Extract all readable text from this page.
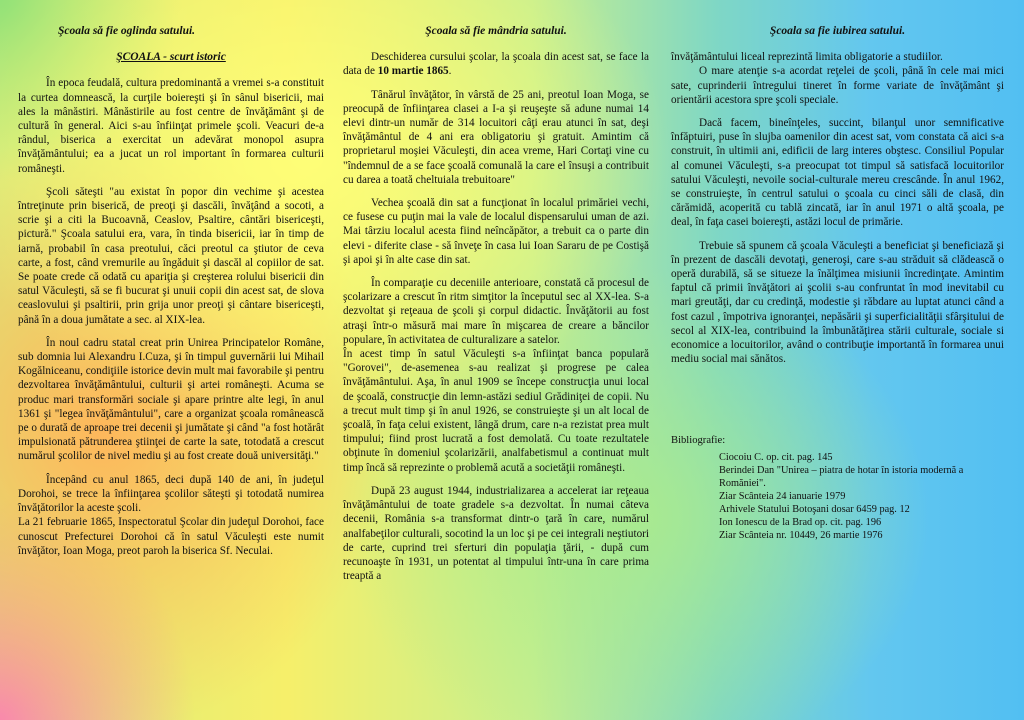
Şcoala să fie oglinda satului.
ŞCOALA - scurt istoric

În epoca feudală, cultura predominantă a vremei s-a constituit la curtea domnească, la curţile boiereşti şi în sânul bisericii, mai ales la mânăstiri. Mânăstirile au fost centre de învăţământ şi de cultură în general. Aici s-au înfiinţat primele şcoli. Veacuri de-a rândul, biserica a exercitat un adevărat monopol asupra învăţământului; ea a jucat un rol important în formarea culturii româneşti.

Şcoli săteşti "au existat în popor din vechime şi acestea întreţinute prin biserică, de preoţi şi dascăli, învăţând a socoti, a scrie şi a citi la Bucoavnă, Ceaslov, Psaltire, cântări bisericeşti, pictură." Şcoala satului era, vara, în tinda bisericii, iar în timp de iarnă, probabil în casa preotului, căci preotul ca ştiutor de ceva carte, a fost, când vremurile au îngăduit şi dascăl al copiilor de sat. Se poate crede că odată cu apariţia şi creşterea rolului bisericii din satul Văculeşti, să se fi bucurat şi unuii copii din acest sat, de slova ceaslovului şi psaltirii, prin grija unor preoţi şi cântare bisericeşti, până în a doua jumătate a sec. al XIX-lea.

În noul cadru statal creat prin Unirea Principatelor Române, sub domnia lui Alexandru I.Cuza, şi în timpul guvernării lui Mihail Kogălniceanu, condiţiile istorice devin mult mai favorabile şi pentru dezvoltarea învăţământului, culturii şi artei româneşti. Acuma se produc mari transformări sociale şi apare printre alte legi, în anul 1361 şi "legea învăţământului", care a organizat şcoala românească pe o durată de aproape trei decenii şi jumătate şi când "a fost hotărât impulsionată pătrunderea ştiinţei de carte la sate, totodată a crescut numărul şcolilor de nivel mediu şi au fost create două universităţi."

Începând cu anul 1865, deci după 140 de ani, în judeţul Dorohoi, se trece la înfiinţarea şcolilor săteşti şi totodată numirea învăţătorilor la aceste şcoli.

La 21 februarie 1865, Inspectoratul Şcolar din judeţul Dorohoi, face cunoscut Prefecturei Dorohoi că în satul Văculeşti este numit învăţător, Ioan Moga, preot paroh la biserica Sf. Neculai.

Şcoala să fie mândria satului.

Deschiderea cursului şcolar, la şcoala din acest sat, se face la data de 10 martie 1865.

Tânărul învăţător, în vârstă de 25 ani, preotul Ioan Moga, se preocupă de înfiinţarea clasei a I-a şi reuşeşte să adune numai 14 elevi dintr-un număr de 314 locuitori câţi erau atunci în sat, deşi învăţământul de 4 ani era obligatoriu şi gratuit. Amintim că proprietarul moşiei Văculeşti, din acea vreme, Hari Cortaţi vine cu "îndemnul de a se face şcoală comunală la care el însuşi a contribuit cu darea a toată cheltuiala trebuitoare"

Vechea şcoală din sat a funcţionat în localul primăriei vechi, ce fusese cu puţin mai la vale de localul dispensarului uman de azi. Mai târziu localul acesta fiind neîncăpător, a trebuit ca o parte din elevi - diferite clase - să înveţe în casa lui Ioan Sararu de pe Costişă şi apoi şi în alte case din sat.

În comparaţie cu deceniile anterioare, constată că procesul de şcolarizare a crescut în ritm simţitor la începutul sec al XX-lea. S-a dezvoltat şi reţeaua de şcoli şi corpul didactic. Învăţătorii au fost atraşi într-o măsură mai mare în mişcarea de creare a băncilor populare, în activitatea de culturalizare a satelor.

În acest timp în satul Văculeşti s-a înfiinţat banca populară "Gorovei", de-asemenea s-au realizat şi progrese pe calea învăţământului. Aşa, în anul 1909 se începe construcţia unui local de şcoală, construcţie din lemn-astăzi sediul Grădiniţei de copii. Nu a trecut mult timp şi în anul 1926, se construieşte şi un alt local de şcoală, în faţa celui existent, lângă drum, care n-a rezistat prea mult timpului; fiind prost lucrată a fost demolată. Cu toate rezultatele obţinute în domeniul şcolarizării, analfabetismul a continuat mult timp încă să reprezinte o problemă acută a societăţii româneşti.

După 23 august 1944, industrializarea a accelerat iar reţeaua învăţământului de toate gradele s-a dezvoltat. În numai câteva decenii, România s-a transformat dintr-o ţară în care, numărul analfabeţilor culturali, socotind la un loc şi pe cei integrali neştiutori de carte, cuprind trei sferturi din populaţia ţării, - după cum recunoaşte în 1931, un potentat al timpului într-una în care prima treaptă a

Şcoala sa fie iubirea satului.

învăţământului liceal reprezintă limita obligatorie a studiilor.

O mare atenţie s-a acordat reţelei de şcoli, până în cele mai mici sate, cuprinderii întregului tineret în forme variate de învăţământ şi orientării acestora spre şcoli speciale.

Dacă facem, bineînţeles, succint, bilanţul unor semnificative înfăptuiri, puse în slujba oamenilor din acest sat, vom constata că aici s-a construit, în ultimii ani, edificii de larg interes obştesc. Consiliul Popular al comunei Văculeşti, s-a preocupat tot timpul să satisfacă locuitorilor satului Văculeşti, nevoile social-culturale mereu crescânde. În anul 1962, se construieşte, în centrul satului o şcoala cu cinci săli de clasă, din cărămidă, acoperită cu tablă zincată, iar în anul 1971 o altă şcoala, pe deal, în faţa casei boiereşti, astăzi locul de primărie.

Trebuie să spunem că şcoala Văculeşti a beneficiat şi beneficiază şi în prezent de dascăli devotaţi, generoşi, care s-au străduit să clădească o operă durabilă, să se situeze la înălţimea misiunii încredinţate. Amintim faptul că primii învăţători ai şcolii s-au confruntat în mod inevitabil cu mari greutăţi, dar cu credinţă, modestie şi răbdare au luptat atunci când a fost cazul , împotriva ignoranţei, nepăsării şi superficialităţii sfârşitului de secol al XIX-lea, contribuind la îmbunătăţirea stării culturale, sociale si economice a locuitorilor, având o contribuţie importantă în formarea unui mediu social mai sănătos.

Bibliografie:
Ciocoiu C. op. cit. pag. 145
Berindei Dan "Unirea – piatra de hotar în istoria modernă a Romăniei".
Ziar Scânteia 24 ianuarie 1979
Arhivele Statului Botoşani dosar 6459 pag. 12
Ion Ionescu de la Brad op. cit. pag. 196
Ziar Scânteia nr. 10449, 26 martie 1976
